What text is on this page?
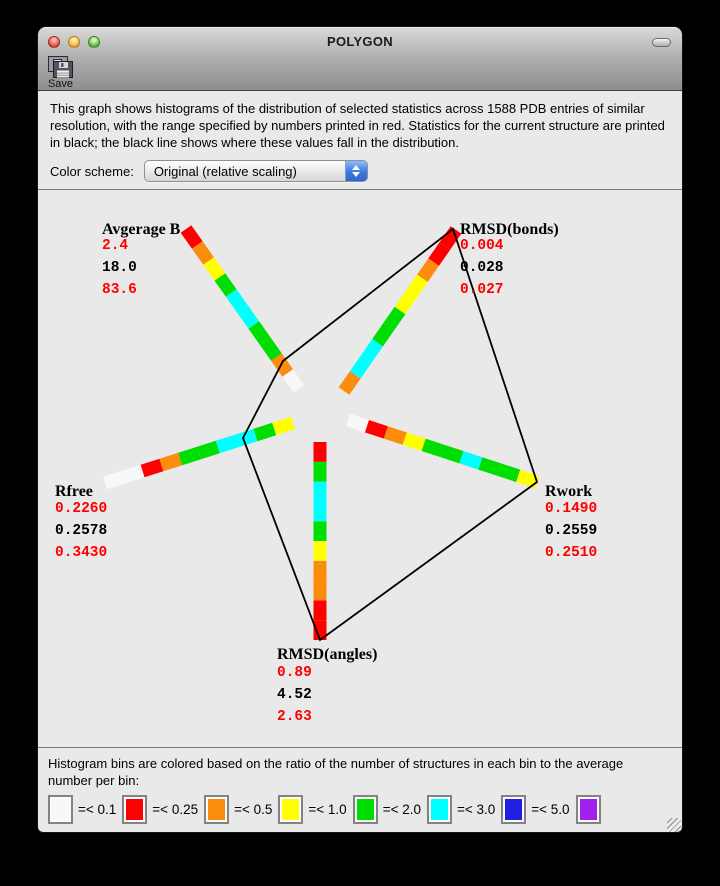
POLYGON
Save

This graph shows histograms of the distribution of selected statistics across 1588 PDB entries of similar resolution, with the range specified by numbers printed in red. Statistics for the current structure are printed in black; the black line shows where these values fall in the distribution.

Color scheme:	Original (relative scaling)
Avgerage B
2.4
18.0
83.6
RMSD(bonds)
0.004
0.028
0.027
Rfree
0.2260
0.2578
0.3430
Rwork
0.1490
0.2559
0.2510
RMSD(angles)
0.89
4.52
2.63

Histogram bins are colored based on the ratio of the number of structures in each bin to the average number per bin:

=< 0.1	=< 0.25	=< 0.5	=< 1.0	=< 2.0	=< 3.0	=< 5.0
